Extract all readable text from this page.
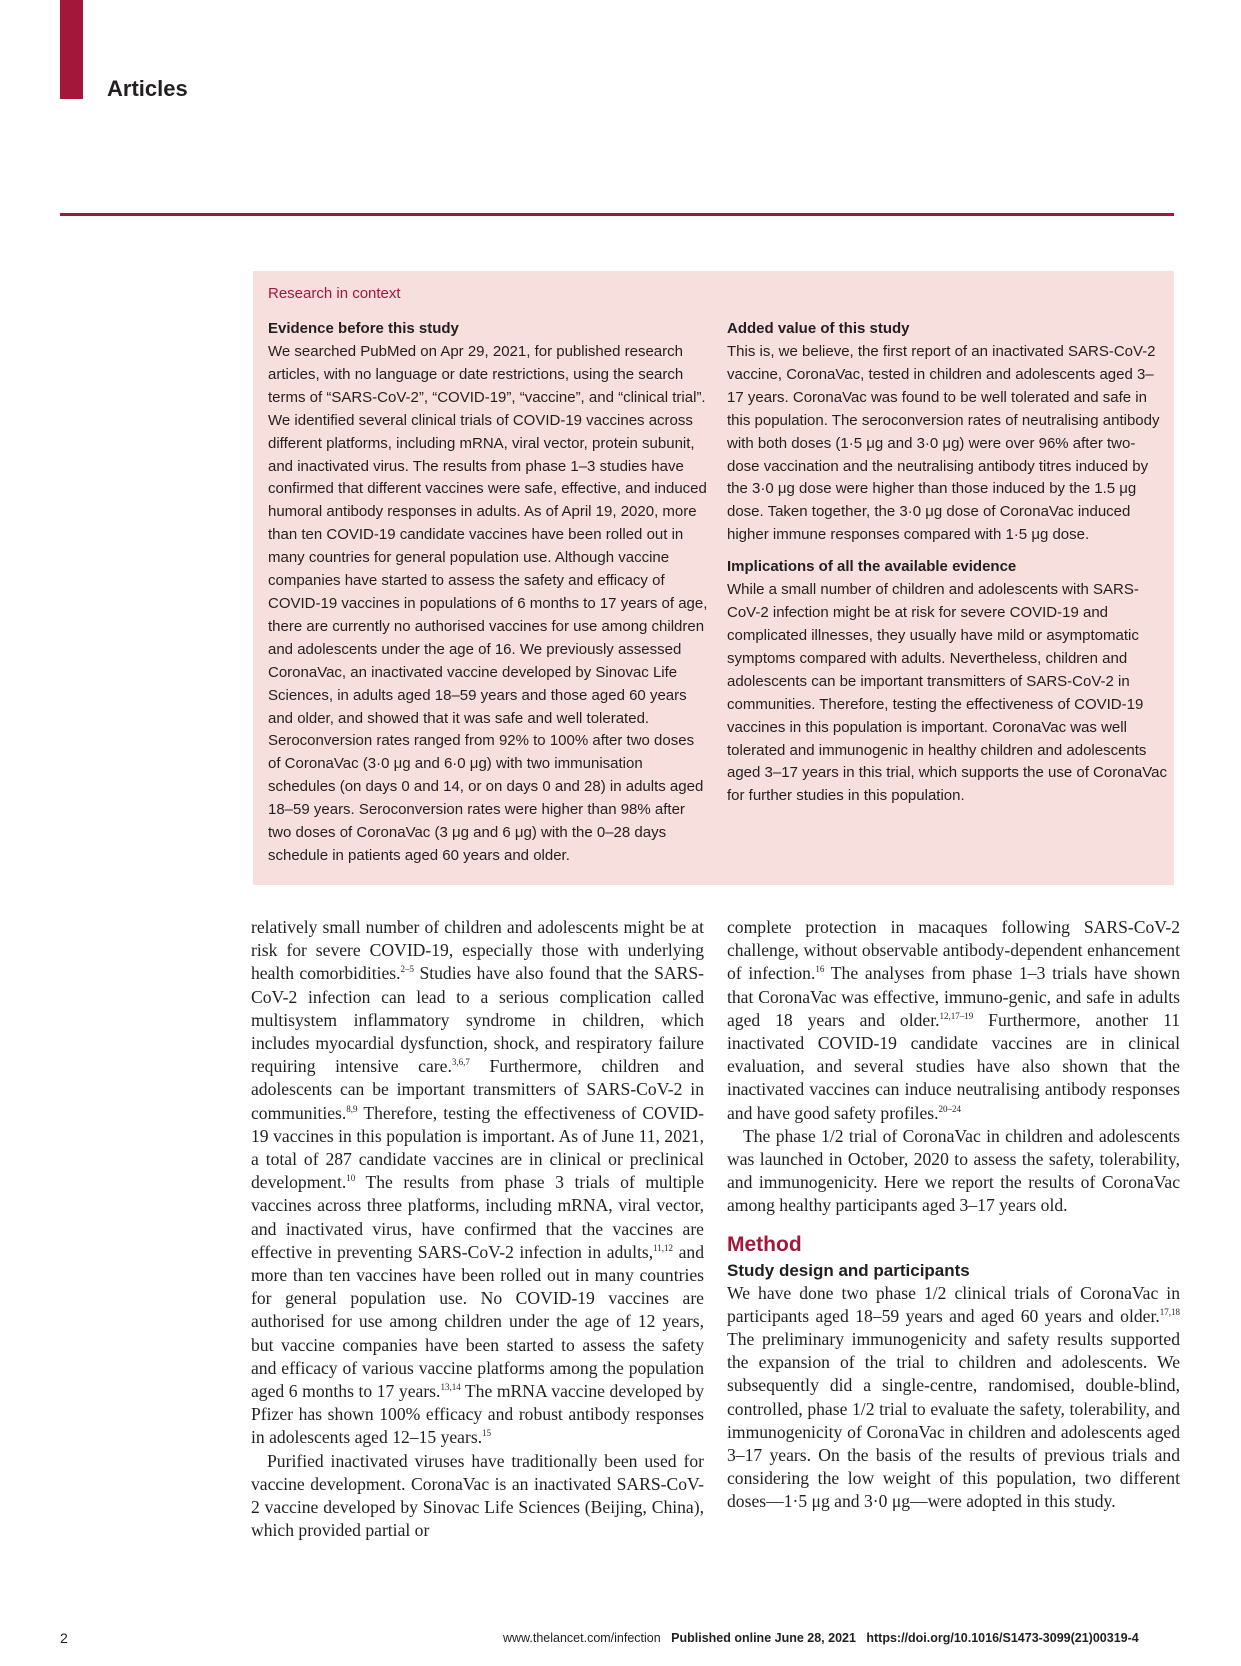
Articles
Research in context
Evidence before this study

We searched PubMed on Apr 29, 2021, for published research articles, with no language or date restrictions, using the search terms of “SARS-CoV-2”, “COVID-19”, “vaccine”, and “clinical trial”. We identified several clinical trials of COVID-19 vaccines across different platforms, including mRNA, viral vector, protein subunit, and inactivated virus. The results from phase 1–3 studies have confirmed that different vaccines were safe, effective, and induced humoral antibody responses in adults. As of April 19, 2020, more than ten COVID-19 candidate vaccines have been rolled out in many countries for general population use. Although vaccine companies have started to assess the safety and efficacy of COVID-19 vaccines in populations of 6 months to 17 years of age, there are currently no authorised vaccines for use among children and adolescents under the age of 16. We previously assessed CoronaVac, an inactivated vaccine developed by Sinovac Life Sciences, in adults aged 18–59 years and those aged 60 years and older, and showed that it was safe and well tolerated. Seroconversion rates ranged from 92% to 100% after two doses of CoronaVac (3·0 μg and 6·0 μg) with two immunisation schedules (on days 0 and 14, or on days 0 and 28) in adults aged 18–59 years. Seroconversion rates were higher than 98% after two doses of CoronaVac (3 μg and 6 μg) with the 0–28 days schedule in patients aged 60 years and older.

Added value of this study

This is, we believe, the first report of an inactivated SARS-CoV-2 vaccine, CoronaVac, tested in children and adolescents aged 3–17 years. CoronaVac was found to be well tolerated and safe in this population. The seroconversion rates of neutralising antibody with both doses (1·5 μg and 3·0 μg) were over 96% after two-dose vaccination and the neutralising antibody titres induced by the 3·0 μg dose were higher than those induced by the 1.5 μg dose. Taken together, the 3·0 μg dose of CoronaVac induced higher immune responses compared with 1·5 μg dose.

Implications of all the available evidence

While a small number of children and adolescents with SARS-CoV-2 infection might be at risk for severe COVID-19 and complicated illnesses, they usually have mild or asymptomatic symptoms compared with adults. Nevertheless, children and adolescents can be important transmitters of SARS-CoV-2 in communities. Therefore, testing the effectiveness of COVID-19 vaccines in this population is important. CoronaVac was well tolerated and immunogenic in healthy children and adolescents aged 3–17 years in this trial, which supports the use of CoronaVac for further studies in this population.

relatively small number of children and adolescents might be at risk for severe COVID-19, especially those with underlying health comorbidities.$^{2-5}$ Studies have also found that the SARS-CoV-2 infection can lead to a serious complication called multisystem inflammatory syndrome in children, which includes myocardial dysfunction, shock, and respiratory failure requiring intensive care.$^{3,6,7}$ Furthermore, children and adolescents can be important transmitters of SARS-CoV-2 in communities.$^{8,9}$ Therefore, testing the effectiveness of COVID-19 vaccines in this population is important. As of June 11, 2021, a total of 287 candidate vaccines are in clinical or preclinical development.$^{10}$ The results from phase 3 trials of multiple vaccines across three platforms, including mRNA, viral vector, and inactivated virus, have confirmed that the vaccines are effective in preventing SARS-CoV-2 infection in adults,$^{11,12}$ and more than ten vaccines have been rolled out in many countries for general population use. No COVID-19 vaccines are authorised for use among children under the age of 12 years, but vaccine companies have been started to assess the safety and efficacy of various vaccine platforms among the population aged 6 months to 17 years.$^{13,14}$ The mRNA vaccine developed by Pfizer has shown 100% efficacy and robust antibody responses in adolescents aged 12–15 years.$^{15}$

Purified inactivated viruses have traditionally been used for vaccine development. CoronaVac is an inactivated SARS-CoV-2 vaccine developed by Sinovac Life Sciences (Beijing, China), which provided partial or

complete protection in macaques following SARS-CoV-2 challenge, without observable antibody-dependent enhancement of infection.$^{16}$ The analyses from phase 1–3 trials have shown that CoronaVac was effective, immuno-genic, and safe in adults aged 18 years and older.$^{12,17-19}$ Furthermore, another 11 inactivated COVID-19 candidate vaccines are in clinical evaluation, and several studies have also shown that the inactivated vaccines can induce neutralising antibody responses and have good safety profiles.$^{20-24}$

The phase 1/2 trial of CoronaVac in children and adolescents was launched in October, 2020 to assess the safety, tolerability, and immunogenicity. Here we report the results of CoronaVac among healthy participants aged 3–17 years old.

Method
Study design and participants

We have done two phase 1/2 clinical trials of CoronaVac in participants aged 18–59 years and aged 60 years and older.$^{17,18}$ The preliminary immunogenicity and safety results supported the expansion of the trial to children and adolescents. We subsequently did a single-centre, randomised, double-blind, controlled, phase 1/2 trial to evaluate the safety, tolerability, and immunogenicity of CoronaVac in children and adolescents aged 3–17 years. On the basis of the results of previous trials and considering the low weight of this population, two different doses—1·5 μg and 3·0 μg—were adopted in this study.

2	www.thelancet.com/infection Published online June 28, 2021 https://doi.org/10.1016/S1473-3099(21)00319-4
